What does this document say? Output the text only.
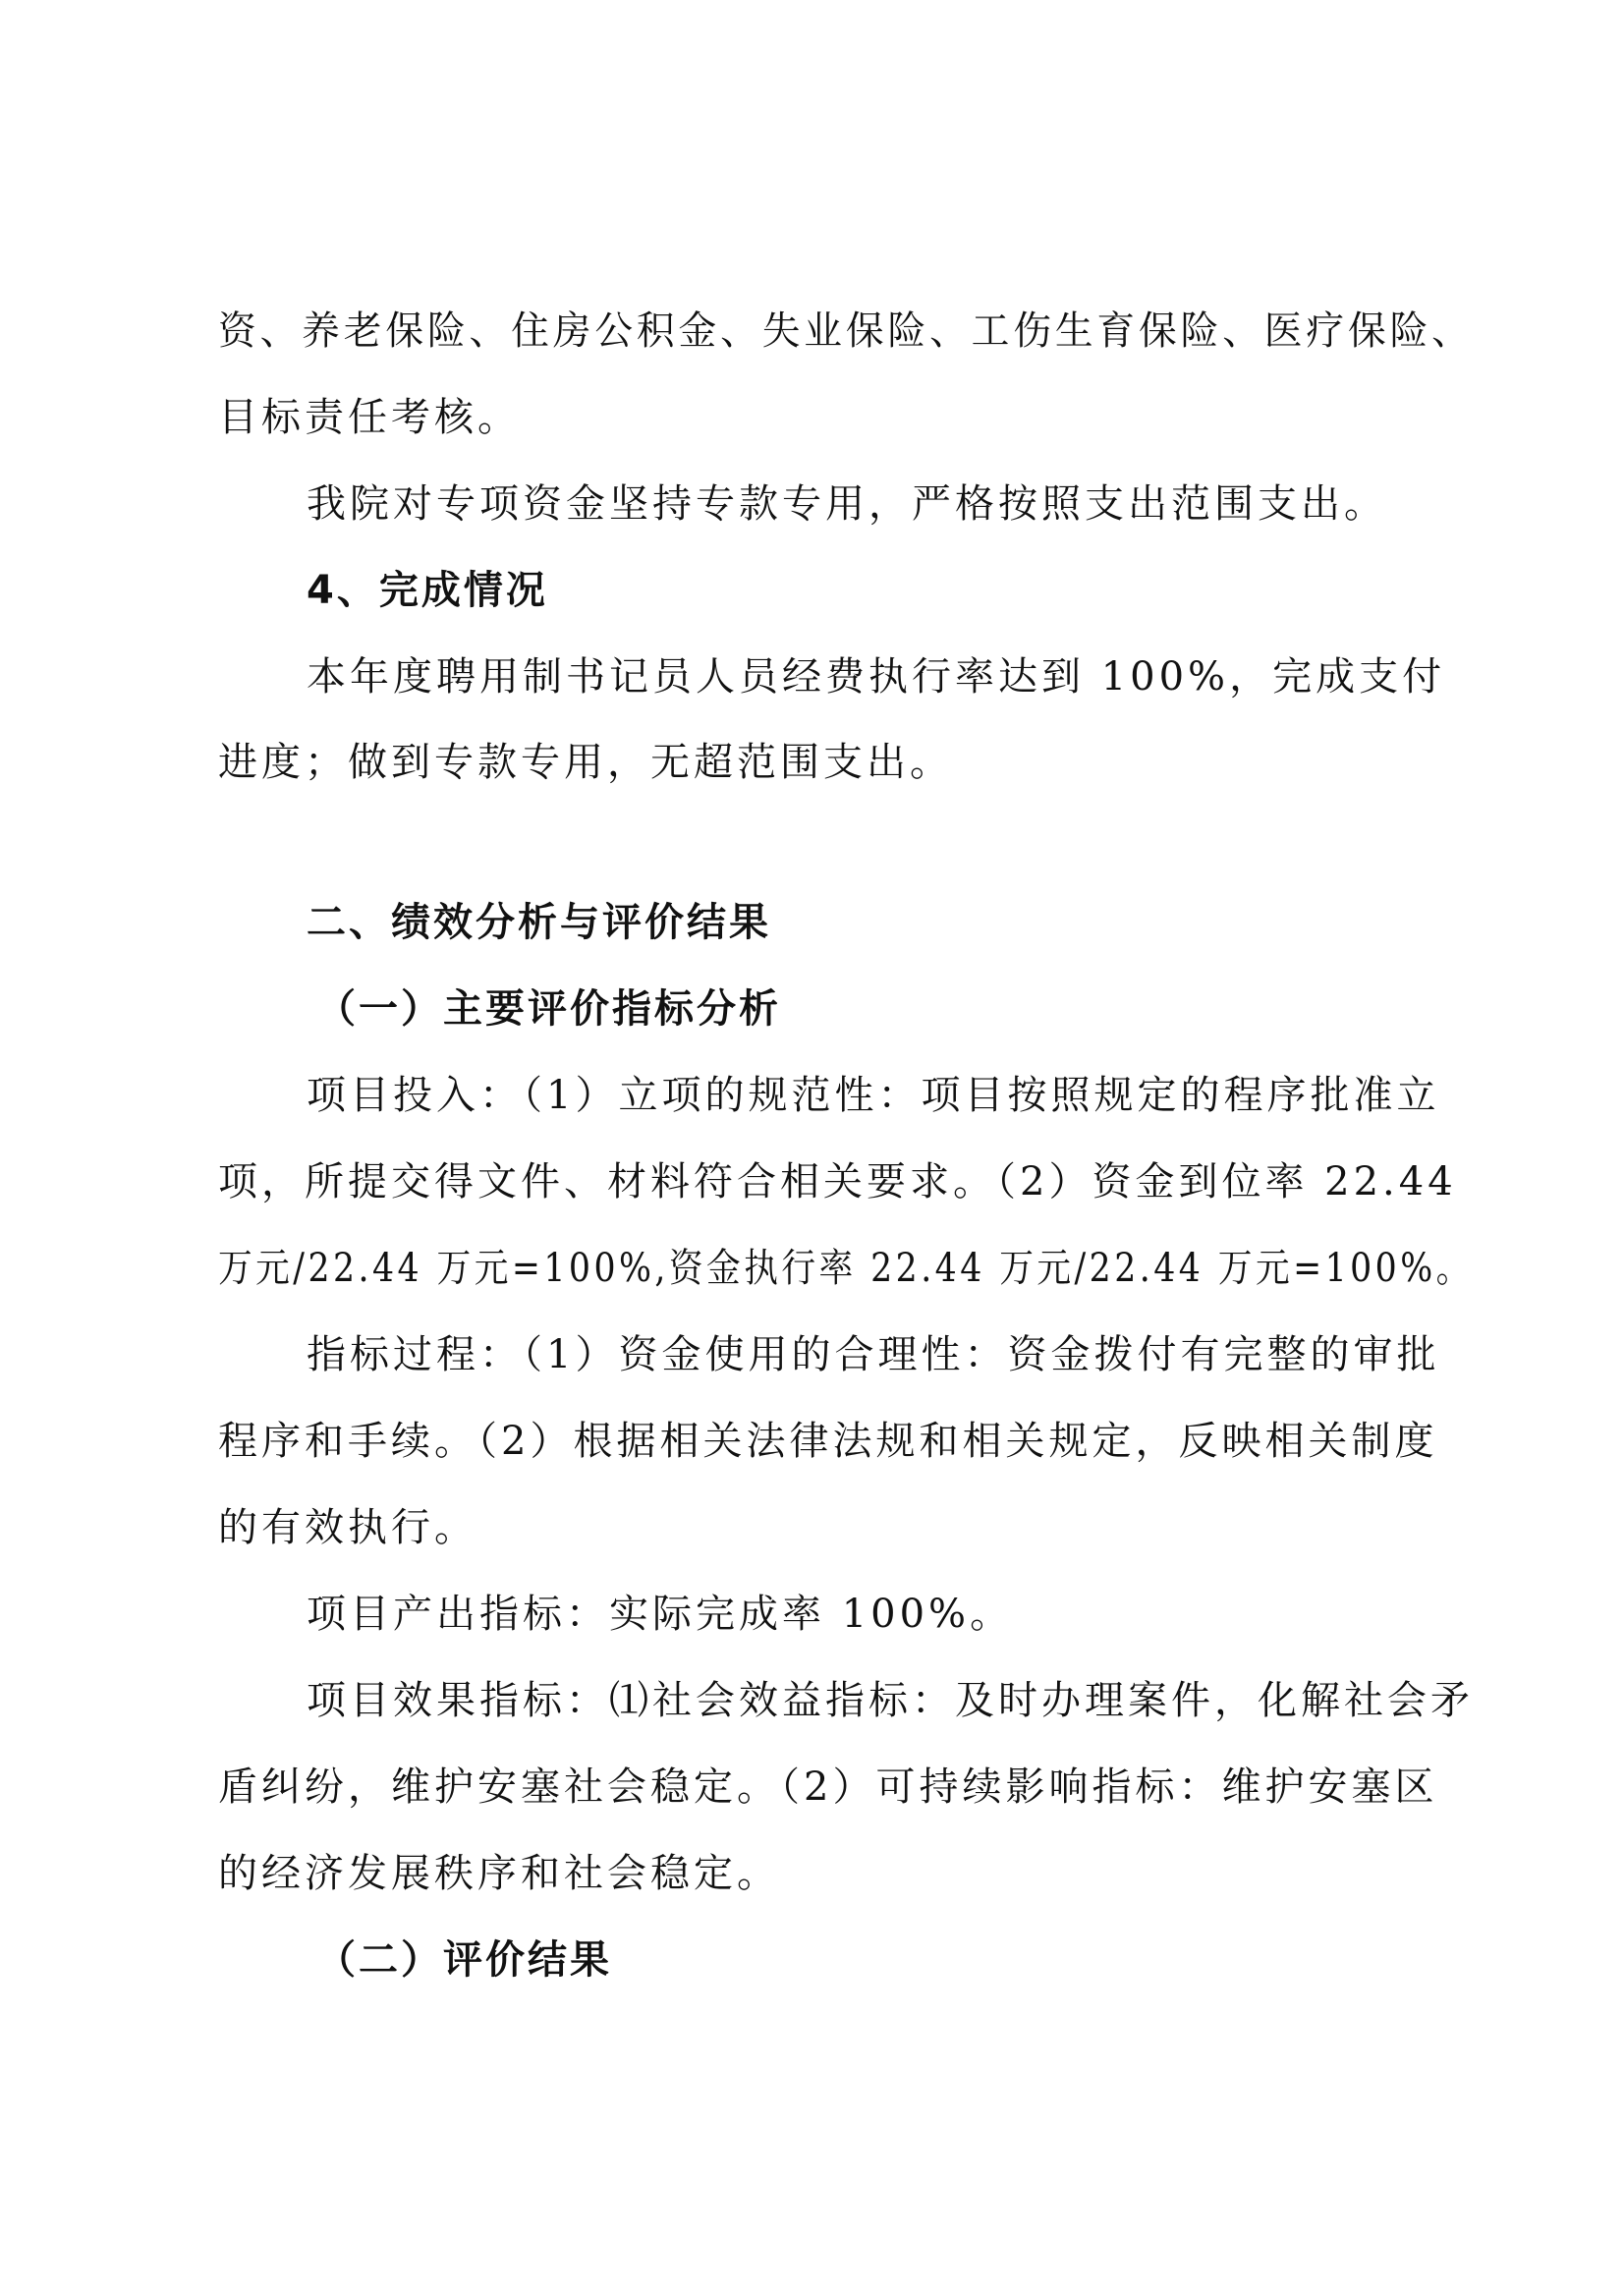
资、养老保险、住房公积金、失业保险、工伤生育保险、医疗保险、
目标责任考核。
我院对专项资金坚持专款专用，严格按照支出范围支出。
4、完成情况
本年度聘用制书记员人员经费执行率达到 100%，完成支付
进度；做到专款专用，无超范围支出。
二、绩效分析与评价结果
（一）主要评价指标分析
项目投入：（1）立项的规范性：项目按照规定的程序批准立
项，所提交得文件、材料符合相关要求。（2）资金到位率 22.44
万元/22.44 万元=100%,资金执行率 22.44 万元/22.44 万元=100%。
指标过程：（1）资金使用的合理性：资金拨付有完整的审批
程序和手续。（2）根据相关法律法规和相关规定，反映相关制度
的有效执行。
项目产出指标：实际完成率 100%。
项目效果指标：⑴社会效益指标：及时办理案件，化解社会矛
盾纠纷，维护安塞社会稳定。（2）可持续影响指标：维护安塞区
的经济发展秩序和社会稳定。
（二）评价结果
